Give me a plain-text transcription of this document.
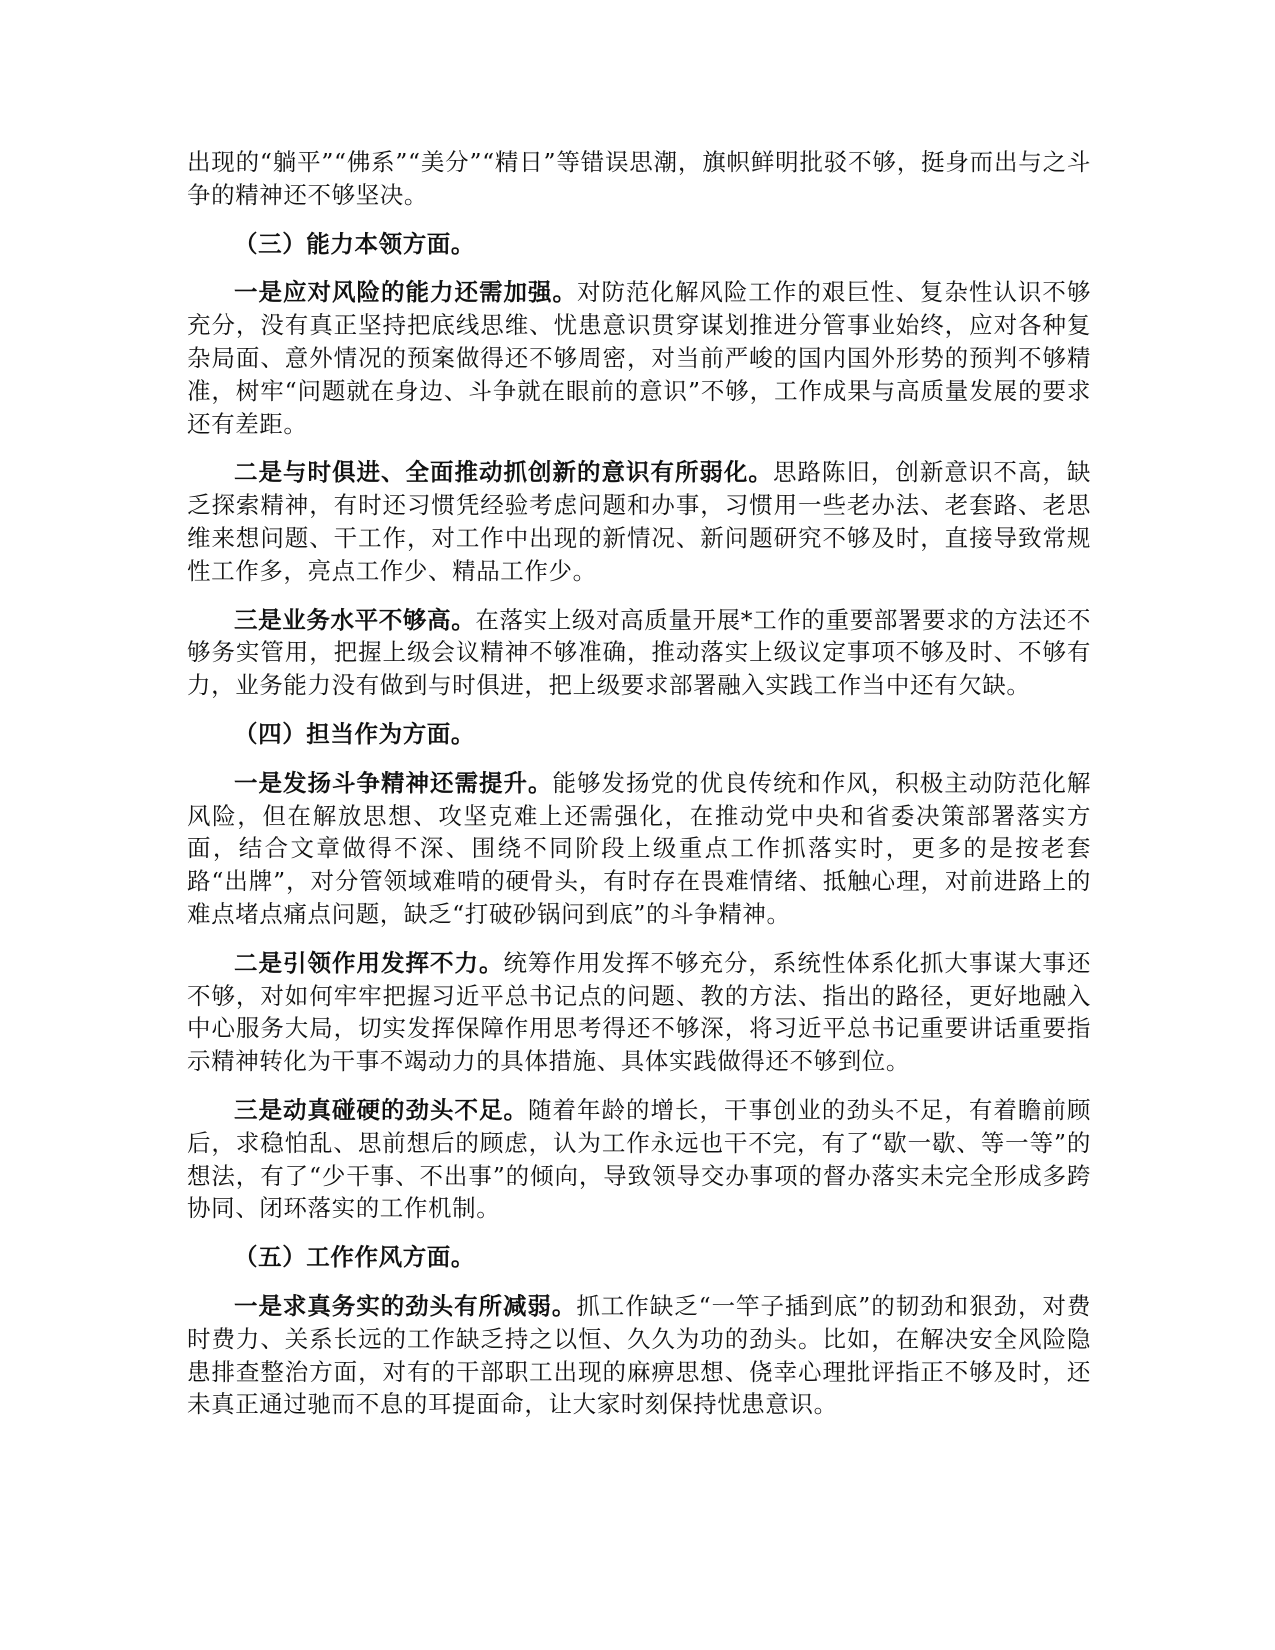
出现的“躺平”“佛系”“美分”“精日”等错误思潮，旗帜鲜明批驳不够，挺身而出与之斗争的精神还不够坚决。

（三）能力本领方面。

一是应对风险的能力还需加强。对防范化解风险工作的艰巨性、复杂性认识不够充分，没有真正坚持把底线思维、忧患意识贯穿谋划推进分管事业始终，应对各种复杂局面、意外情况的预案做得还不够周密，对当前严峻的国内国外形势的预判不够精准，树牢“问题就在身边、斗争就在眼前的意识”不够，工作成果与高质量发展的要求还有差距。

二是与时俱进、全面推动抓创新的意识有所弱化。思路陈旧，创新意识不高，缺乏探索精神，有时还习惯凭经验考虑问题和办事，习惯用一些老办法、老套路、老思维来想问题、干工作，对工作中出现的新情况、新问题研究不够及时，直接导致常规性工作多，亮点工作少、精品工作少。

三是业务水平不够高。在落实上级对高质量开展*工作的重要部署要求的方法还不够务实管用，把握上级会议精神不够准确，推动落实上级议定事项不够及时、不够有力，业务能力没有做到与时俱进，把上级要求部署融入实践工作当中还有欠缺。

（四）担当作为方面。

一是发扬斗争精神还需提升。能够发扬党的优良传统和作风，积极主动防范化解风险，但在解放思想、攻坚克难上还需强化，在推动党中央和省委决策部署落实方面，结合文章做得不深、围绕不同阶段上级重点工作抓落实时，更多的是按老套路“出牌”，对分管领域难啃的硬骨头，有时存在畏难情绪、抵触心理，对前进路上的难点堵点痛点问题，缺乏“打破砂锅问到底”的斗争精神。

二是引领作用发挥不力。统筹作用发挥不够充分，系统性体系化抓大事谋大事还不够，对如何牢牢把握习近平总书记点的问题、教的方法、指出的路径，更好地融入中心服务大局，切实发挥保障作用思考得还不够深，将习近平总书记重要讲话重要指示精神转化为干事不竭动力的具体措施、具体实践做得还不够到位。

三是动真碰硬的劲头不足。随着年龄的增长，干事创业的劲头不足，有着瞻前顾后，求稳怕乱、思前想后的顾虑，认为工作永远也干不完，有了“歇一歇、等一等”的想法，有了“少干事、不出事”的倾向，导致领导交办事项的督办落实未完全形成多跨协同、闭环落实的工作机制。

（五）工作作风方面。

一是求真务实的劲头有所减弱。抓工作缺乏“一竿子插到底”的韧劲和狠劲，对费时费力、关系长远的工作缺乏持之以恒、久久为功的劲头。比如，在解决安全风险隐患排查整治方面，对有的干部职工出现的麻痹思想、侥幸心理批评指正不够及时，还未真正通过驰而不息的耳提面命，让大家时刻保持忧患意识。
